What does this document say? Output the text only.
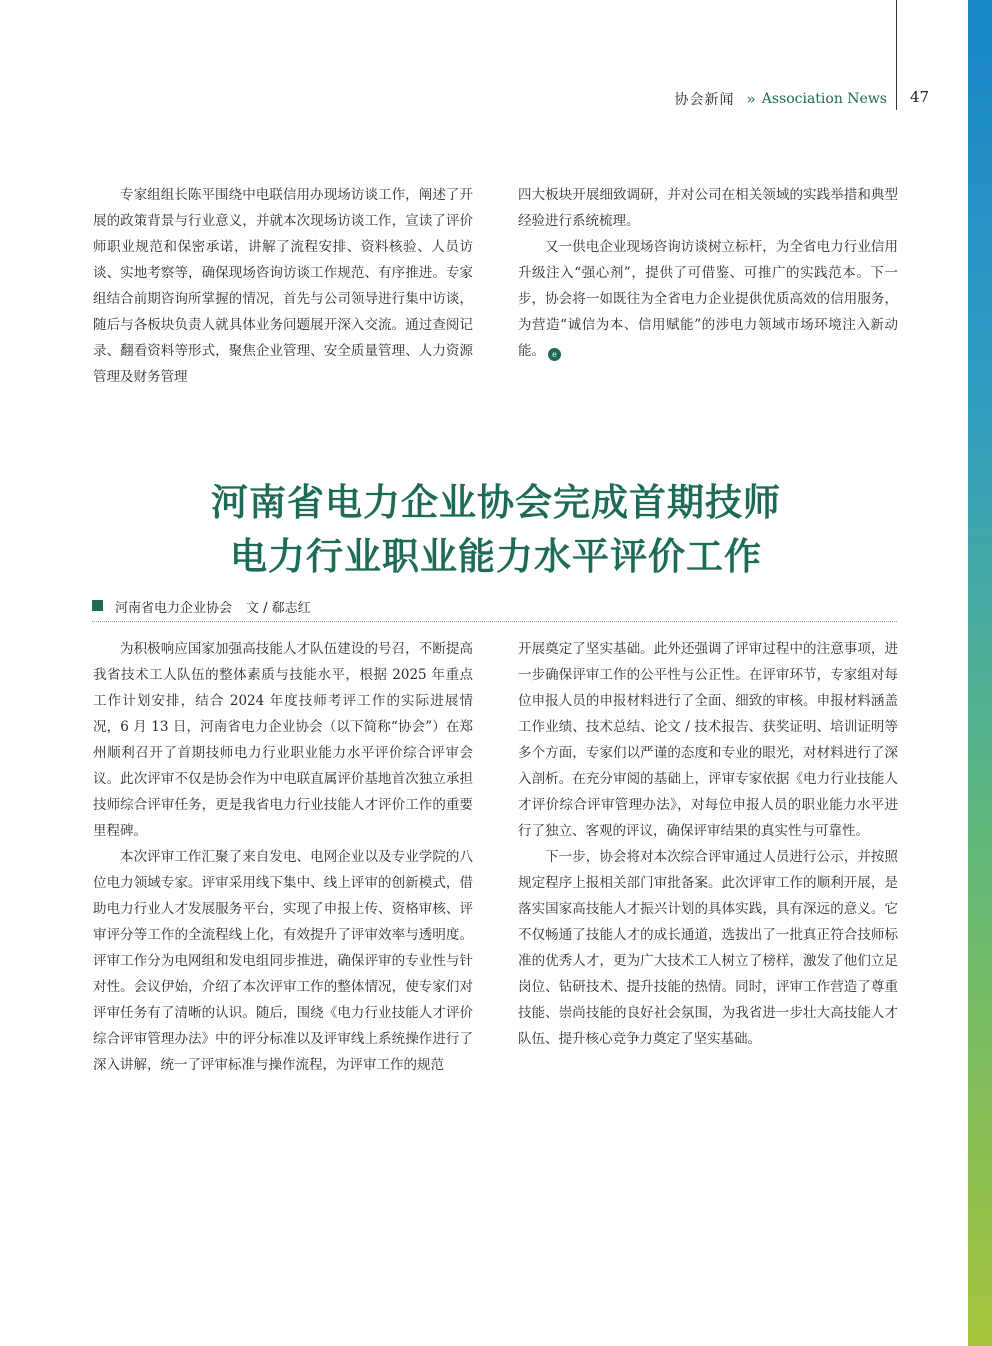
协会新闻 » Association News 47

专家组组长陈平围绕中电联信用办现场访谈工作，阐述了开展的政策背景与行业意义，并就本次现场访谈工作，宣读了评价师职业规范和保密承诺，讲解了流程安排、资料核验、人员访谈、实地考察等，确保现场咨询访谈工作规范、有序推进。专家组结合前期咨询所掌握的情况，首先与公司领导进行集中访谈，随后与各板块负责人就具体业务问题展开深入交流。通过查阅记录、翻看资料等形式，聚焦企业管理、安全质量管理、人力资源管理及财务管理

四大板块开展细致调研，并对公司在相关领域的实践举措和典型经验进行系统梳理。

又一供电企业现场咨询访谈树立标杆，为全省电力行业信用升级注入“强心剂”，提供了可借鉴、可推广的实践范本。下一步，协会将一如既往为全省电力企业提供优质高效的信用服务，为营造“诚信为本、信用赋能”的涉电力领域市场环境注入新动能。 e

河南省电力企业协会完成首期技师
电力行业职业能力水平评价工作
河南省电力企业协会 文 / 郗志红

为积极响应国家加强高技能人才队伍建设的号召，不断提高我省技术工人队伍的整体素质与技能水平，根据 2025 年重点工作计划安排，结合 2024 年度技师考评工作的实际进展情况，6 月 13 日，河南省电力企业协会（以下简称“协会”）在郑州顺利召开了首期技师电力行业职业能力水平评价综合评审会议。此次评审不仅是协会作为中电联直属评价基地首次独立承担技师综合评审任务，更是我省电力行业技能人才评价工作的重要里程碑。

本次评审工作汇聚了来自发电、电网企业以及专业学院的八位电力领域专家。评审采用线下集中、线上评审的创新模式，借助电力行业人才发展服务平台，实现了申报上传、资格审核、评审评分等工作的全流程线上化，有效提升了评审效率与透明度。评审工作分为电网组和发电组同步推进，确保评审的专业性与针对性。会议伊始，介绍了本次评审工作的整体情况，使专家们对评审任务有了清晰的认识。随后，围绕《电力行业技能人才评价综合评审管理办法》中的评分标准以及评审线上系统操作进行了深入讲解，统一了评审标准与操作流程，为评审工作的规范

开展奠定了坚实基础。此外还强调了评审过程中的注意事项，进一步确保评审工作的公平性与公正性。在评审环节，专家组对每位申报人员的申报材料进行了全面、细致的审核。申报材料涵盖工作业绩、技术总结、论文 / 技术报告、获奖证明、培训证明等多个方面，专家们以严谨的态度和专业的眼光，对材料进行了深入剖析。在充分审阅的基础上，评审专家依据《电力行业技能人才评价综合评审管理办法》，对每位申报人员的职业能力水平进行了独立、客观的评议，确保评审结果的真实性与可靠性。

下一步，协会将对本次综合评审通过人员进行公示，并按照规定程序上报相关部门审批备案。此次评审工作的顺利开展，是落实国家高技能人才振兴计划的具体实践，具有深远的意义。它不仅畅通了技能人才的成长通道，选拔出了一批真正符合技师标准的优秀人才，更为广大技术工人树立了榜样，激发了他们立足岗位、钻研技术、提升技能的热情。同时，评审工作营造了尊重技能、崇尚技能的良好社会氛围，为我省进一步壮大高技能人才队伍、提升核心竞争力奠定了坚实基础。
